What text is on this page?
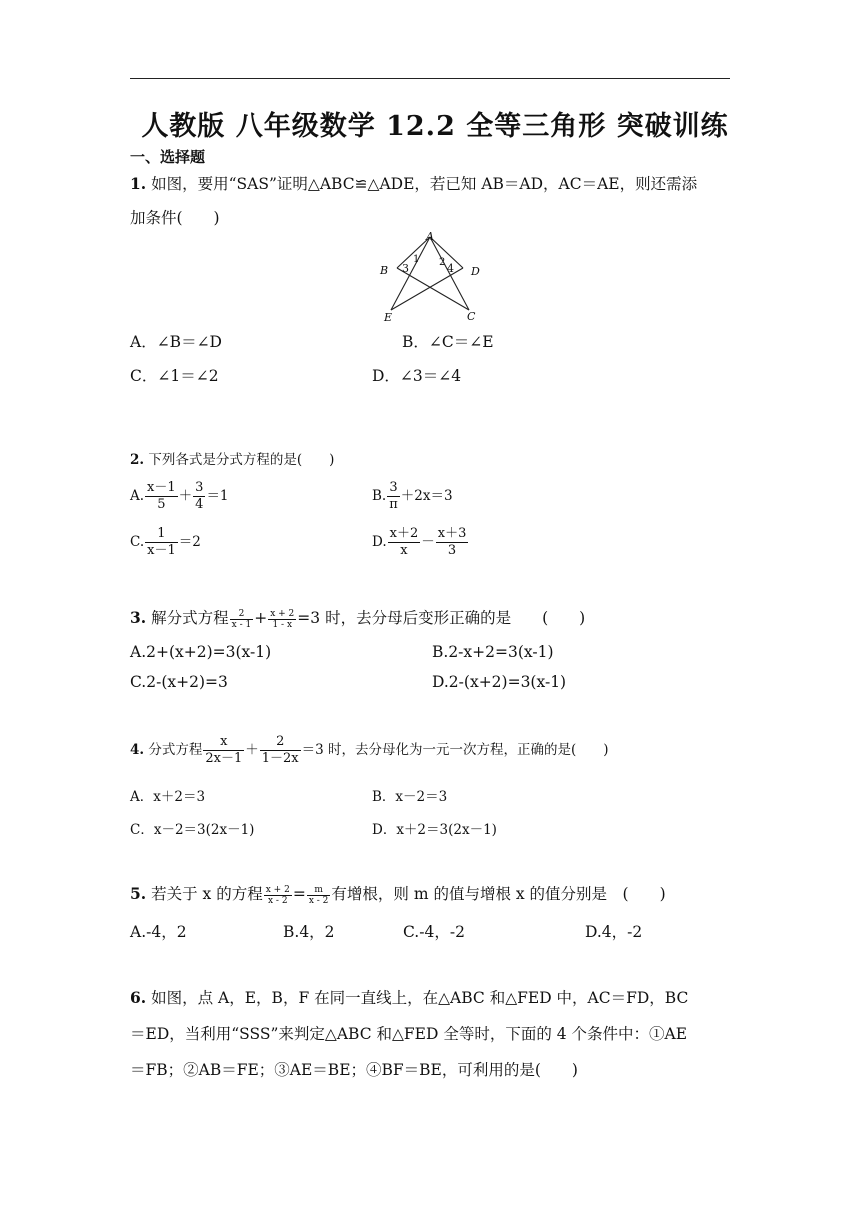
人教版 八年级数学 12.2 全等三角形 突破训练
一、选择题
1. 如图，要用“SAS”证明△ABC≌△ADE，若已知 AB＝AD，AC＝AE，则还需添
加条件(　　)
A
B
C
D
E
1 2
3	4
A．∠B＝∠D	B．∠C＝∠E
C．∠1＝∠2	D．∠3＝∠4
2. 下列各式是分式方程的是(　　)
A. $\frac{x-1}{5} + \frac{3}{4} =1$	B. $\frac{3}{\pi} +2x=3$
C. $\frac{1}{x-1} =2$	D. $\frac{x+2}{x} - \frac{x+3}{3}$
3. 解分式方程 $\frac{2}{x - 1} + \frac{x + 2}{1 - x} =3$ 时，去分母后变形正确的是　　(　　)
A.2+(x+2)=3(x-1)	B.2-x+2=3(x-1)
C.2-(x+2)=3	D.2-(x+2)=3(x-1)
4. 分式方程 $\frac{x}{2x-1} + \frac{2}{1-2x} =3$ 时，去分母化为一元一次方程，正确的是(　　)
A．x＋2＝3	B．x－2＝3
C．x－2＝3(2x－1)	D．x＋2＝3(2x－1)
5. 若关于 x 的方程 $\frac{x + 2}{x - 2} = \frac{m}{x - 2}$ 有增根，则 m 的值与增根 x 的值分别是　(　　)
A.-4，2	B.4，2	C.-4，-2	D.4，-2
6. 如图，点 A，E，B，F 在同一直线上，在△ABC 和△FED 中，AC＝FD，BC
＝ED，当利用“SSS”来判定△ABC 和△FED 全等时，下面的 4 个条件中：①AE
＝FB；②AB＝FE；③AE＝BE；④BF＝BE，可利用的是(　　)
